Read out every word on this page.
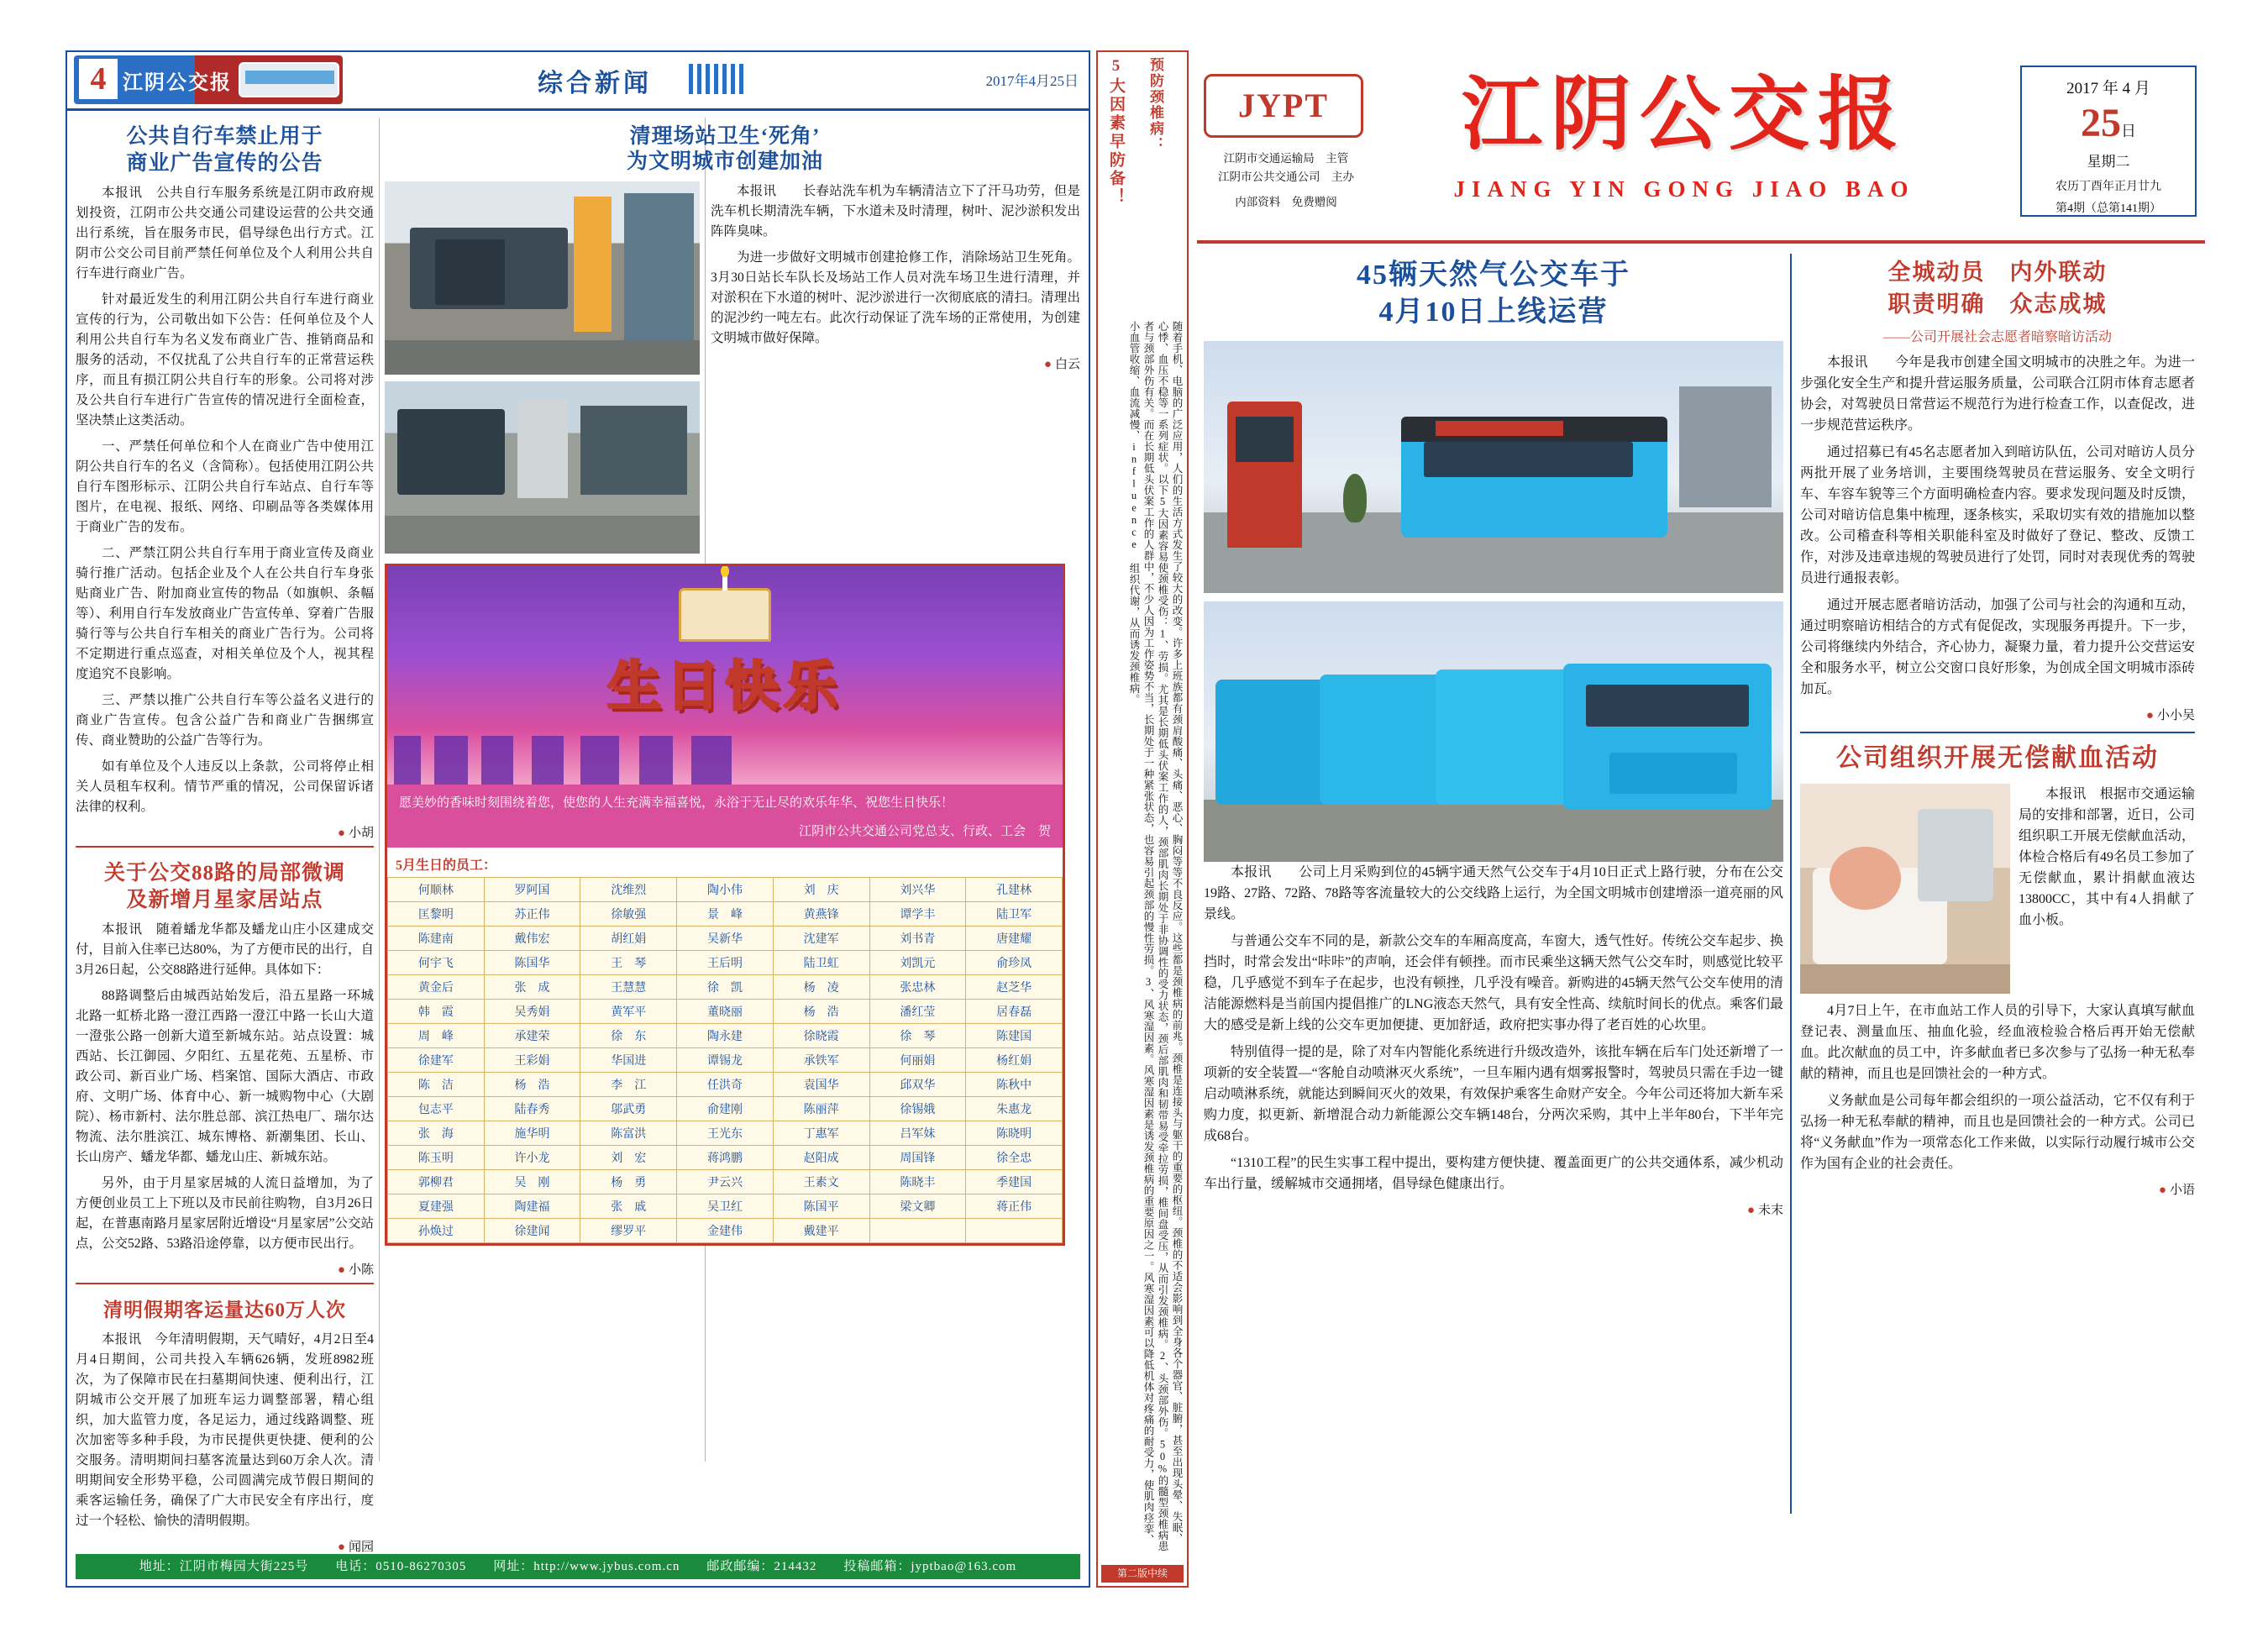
4 江阴公交报	综合新闻	2017年4月25日
公共自行车禁止用于
商业广告宣传的公告

本报讯　公共自行车服务系统是江阴市政府规划投资，江阴市公共交通公司建设运营的公共交通出行系统，旨在服务市民，倡导绿色出行方式。江阴市公交公司目前严禁任何单位及个人利用公共自行车进行商业广告。

针对最近发生的利用江阴公共自行车进行商业宣传的行为，公司敬出如下公告：任何单位及个人利用公共自行车为名义发布商业广告、推销商品和服务的活动，不仅扰乱了公共自行车的正常营运秩序，而且有损江阴公共自行车的形象。公司将对涉及公共自行车进行广告宣传的情况进行全面检查，坚决禁止这类活动。

一、严禁任何单位和个人在商业广告中使用江阴公共自行车的名义（含简称）。包括使用江阴公共自行车图形标示、江阴公共自行车站点、自行车等图片，在电视、报纸、网络、印刷品等各类媒体用于商业广告的发布。

二、严禁江阴公共自行车用于商业宣传及商业骑行推广活动。包括企业及个人在公共自行车身张贴商业广告、附加商业宣传的物品（如旗帜、条幅等）、利用自行车发放商业广告宣传单、穿着广告服骑行等与公共自行车相关的商业广告行为。公司将不定期进行重点巡查，对相关单位及个人，视其程度追究不良影响。

三、严禁以推广公共自行车等公益名义进行的商业广告宣传。包含公益广告和商业广告捆绑宣传、商业赞助的公益广告等行为。

如有单位及个人违反以上条款，公司将停止相关人员租车权利。情节严重的情况，公司保留诉诸法律的权利。

● 小胡
关于公交88路的局部微调
及新增月星家居站点

本报讯　随着蟠龙华都及蟠龙山庄小区建成交付，目前入住率已达80%，为了方便市民的出行，自3月26日起，公交88路进行延伸。具体如下：

88路调整后由城西站始发后，沿五星路一环城北路一虹桥北路一澄江西路一澄江中路一长山大道一澄张公路一创新大道至新城东站。站点设置：城西站、长江御园、夕阳红、五星花苑、五星桥、市政公司、新百业广场、档案馆、国际大酒店、市政府、文明广场、体育中心、新一城购物中心（大剧院）、杨市新村、法尔胜总部、滨江热电厂、瑞尔达物流、法尔胜滨江、城东博格、新潮集团、长山、长山房产、蟠龙华都、蟠龙山庄、新城东站。

另外，由于月星家居城的人流日益增加，为了方便创业员工上下班以及市民前往购物，自3月26日起，在普惠南路月星家居附近增设“月星家居”公交站点，公交52路、53路沿途停靠，以方便市民出行。

● 小陈
清明假期客运量达60万人次

本报讯　今年清明假期，天气晴好，4月2日至4月4日期间，公司共投入车辆626辆，发班8982班次，为了保障市民在扫墓期间快速、便利出行，江阴城市公交开展了加班车运力调整部署，精心组织，加大监管力度，各足运力，通过线路调整、班次加密等多种手段，为市民提供更快捷、便利的公交服务。清明期间扫墓客流量达到60万余人次。清明期间安全形势平稳，公司圆满完成节假日期间的乘客运输任务，确保了广大市民安全有序出行，度过一个轻松、愉快的清明假期。

● 闻园
清理场站卫生‘死角’
为文明城市创建加油
生日快乐
愿美妙的香味时刻围绕着您，使您的人生充满幸福喜悦，永浴于无止尽的欢乐年华、祝您生日快乐！
江阴市公共交通公司党总支、行政、工会　贺
5月生日的员工：
何顺林	罗阿国	沈维烈	陶小伟	刘　庆	刘兴华	孔建林
匡黎明	苏正伟	徐敏强	景　峰	黄燕锋	谭学丰	陆卫军
陈建南	戴伟宏	胡红娟	吴新华	沈建军	刘书青	唐建耀
何宇飞	陈国华	王　琴	王后明	陆卫虹	刘凯元	俞珍凤
黄金后	张　成	王慧慧	徐　凯	杨　凌	张忠林	赵芝华
韩　霞	吴秀娟	黄军平	董晓丽	杨　浩	潘红莹	居春磊
周　峰	承建荣	徐　东	陶永建	徐晓霞	徐　琴	陈建国
徐建军	王彩娟	华国进	谭锡龙	承铁军	何丽娟	杨红娟
陈　洁	杨　浩	李　江	任洪奇	袁国华	邱双华	陈秋中
包志平	陆春秀	邬武勇	俞建刚	陈丽萍	徐锡娥	朱惠龙
张　海	施华明	陈富洪	王光东	丁惠军	吕军妹	陈晓明
陈玉明	许小龙	刘　宏	蒋鸿鹏	赵阳成	周国锋	徐全忠
郭柳君	吴　刚	杨　勇	尹云兴	王素文	陈晓丰	季建国
夏建强	陶建福	张　戚	吴卫红	陈国平	梁文卿	蒋正伟
孙焕过	徐建闻	缪罗平	金建伟	戴建平		

本报讯　　长春站洗车机为车辆清洁立下了汗马功劳，但是洗车机长期清洗车辆，下水道未及时清理，树叶、泥沙淤积发出阵阵臭味。

为进一步做好文明城市创建抢修工作，消除场站卫生死角。3月30日站长车队长及场站工作人员对洗车场卫生进行清理，并对淤积在下水道的树叶、泥沙淤进行一次彻底底的清扫。清理出的泥沙约一吨左右。此次行动保证了洗车场的正常使用，为创建文明城市做好保障。

● 白云
地址：江阴市梅园大街225号　　电话：0510-86270305　　网址：http://www.jybus.com.cn　　邮政邮编：214432　　投稿邮箱：jyptbao@163.com
5大因素早防备！ 预防颈椎病：
随着手机、电脑的广泛应用，人们的生活方式发生了较大的改变。许多上班族都有颈肩酸痛、头痛、恶心、胸闷等等不良反应。这些都是颈椎病的前兆。颈椎是连接头与躯干的重要的枢纽。颈椎的不适会影响到全身各个器官、脏腑，甚至出现头晕、失眠、心悸、血压不稳等一系列症状。以下5大因素容易使颈椎受伤：1、劳损。尤其是长期低头伏案工作的人，颈部肌肉长期处于非协调性的受力状态，颈后部肌肉和韧带易受牵拉劳损，椎间盘受压，从而引发颈椎病。2、头颈部外伤。50%的髓型颈椎病患者与颈部外伤有关。而在长期低头伏案工作的人群中，不少人因为工作姿势不当，长期处于一种紧张状态，也容易引起颈部的慢性劳损。3、风寒湿因素。风寒湿因素是诱发颈椎病的重要原因之一。风寒湿因素可以降低机体对疼痛的耐受力，使肌肉痉挛、小血管收缩、血流减慢、influence 组织代谢，从而诱发颈椎病。
第二版中续
JYPT
江阴市交通运输局　主管
江阴市公共交通公司　主办
内部资料　免费赠阅
江阴公交报
JIANG YIN GONG JIAO BAO
2017 年 4 月
25日
星期二
农历丁酉年正月廿九
第4期（总第141期）
45辆天然气公交车于
4月10日上线运营

本报讯　　公司上月采购到位的45辆宇通天然气公交车于4月10日正式上路行驶，分布在公交19路、27路、72路、78路等客流量较大的公交线路上运行，为全国文明城市创建增添一道亮丽的风景线。

与普通公交车不同的是，新款公交车的车厢高度高，车窗大，透气性好。传统公交车起步、换挡时，时常会发出“咔咔”的声响，还会伴有顿挫。而市民乘坐这辆天然气公交车时，则感觉比较平稳，几乎感觉不到车子在起步，也没有顿挫，几乎没有噪音。新购进的45辆天然气公交车使用的清洁能源燃料是当前国内提倡推广的LNG液态天然气，具有安全性高、续航时间长的优点。乘客们最大的感受是新上线的公交车更加便捷、更加舒适，政府把实事办得了老百姓的心坎里。

特别值得一提的是，除了对车内智能化系统进行升级改造外，该批车辆在后车门处还新增了一项新的安全装置—“客舱自动喷淋灭火系统”，一旦车厢内遇有烟雾报警时，驾驶员只需在手边一键启动喷淋系统，就能达到瞬间灭火的效果，有效保护乘客生命财产安全。今年公司还将加大新车采购力度，拟更新、新增混合动力新能源公交车辆148台，分两次采购，其中上半年80台，下半年完成68台。

“1310工程”的民生实事工程中提出，要构建方便快捷、覆盖面更广的公共交通体系，减少机动车出行量，缓解城市交通拥堵，倡导绿色健康出行。

● 未末
全城动员　内外联动
职责明确　众志成城
——公司开展社会志愿者暗察暗访活动

本报讯　　今年是我市创建全国文明城市的决胜之年。为进一步强化安全生产和提升营运服务质量，公司联合江阴市体育志愿者协会，对驾驶员日常营运不规范行为进行检查工作，以查促改，进一步规范营运秩序。

通过招募已有45名志愿者加入到暗访队伍，公司对暗访人员分两批开展了业务培训，主要围绕驾驶员在营运服务、安全文明行车、车容车貌等三个方面明确检查内容。要求发现问题及时反馈，公司对暗访信息集中梳理，逐条核实，采取切实有效的措施加以整改。公司稽查科等相关职能科室及时做好了登记、整改、反馈工作，对涉及违章违规的驾驶员进行了处罚，同时对表现优秀的驾驶员进行通报表彰。

通过开展志愿者暗访活动，加强了公司与社会的沟通和互动，通过明察暗访相结合的方式有促促改，实现服务再提升。下一步，公司将继续内外结合，齐心协力，凝聚力量，着力提升公交营运安全和服务水平，树立公交窗口良好形象，为创成全国文明城市添砖加瓦。

● 小小吴
公司组织开展无偿献血活动

本报讯　根据市交通运输局的安排和部署，近日，公司组织职工开展无偿献血活动，体检合格后有49名员工参加了无偿献血，累计捐献血液达13800CC，其中有4人捐献了血小板。

4月7日上午，在市血站工作人员的引导下，大家认真填写献血登记表、测量血压、抽血化验，经血液检验合格后再开始无偿献血。此次献血的员工中，许多献血者已多次参与了弘扬一种无私奉献的精神，而且也是回馈社会的一种方式。

义务献血是公司每年都会组织的一项公益活动，它不仅有利于弘扬一种无私奉献的精神，而且也是回馈社会的一种方式。公司已将“义务献血”作为一项常态化工作来做，以实际行动履行城市公交作为国有企业的社会责任。

● 小语
